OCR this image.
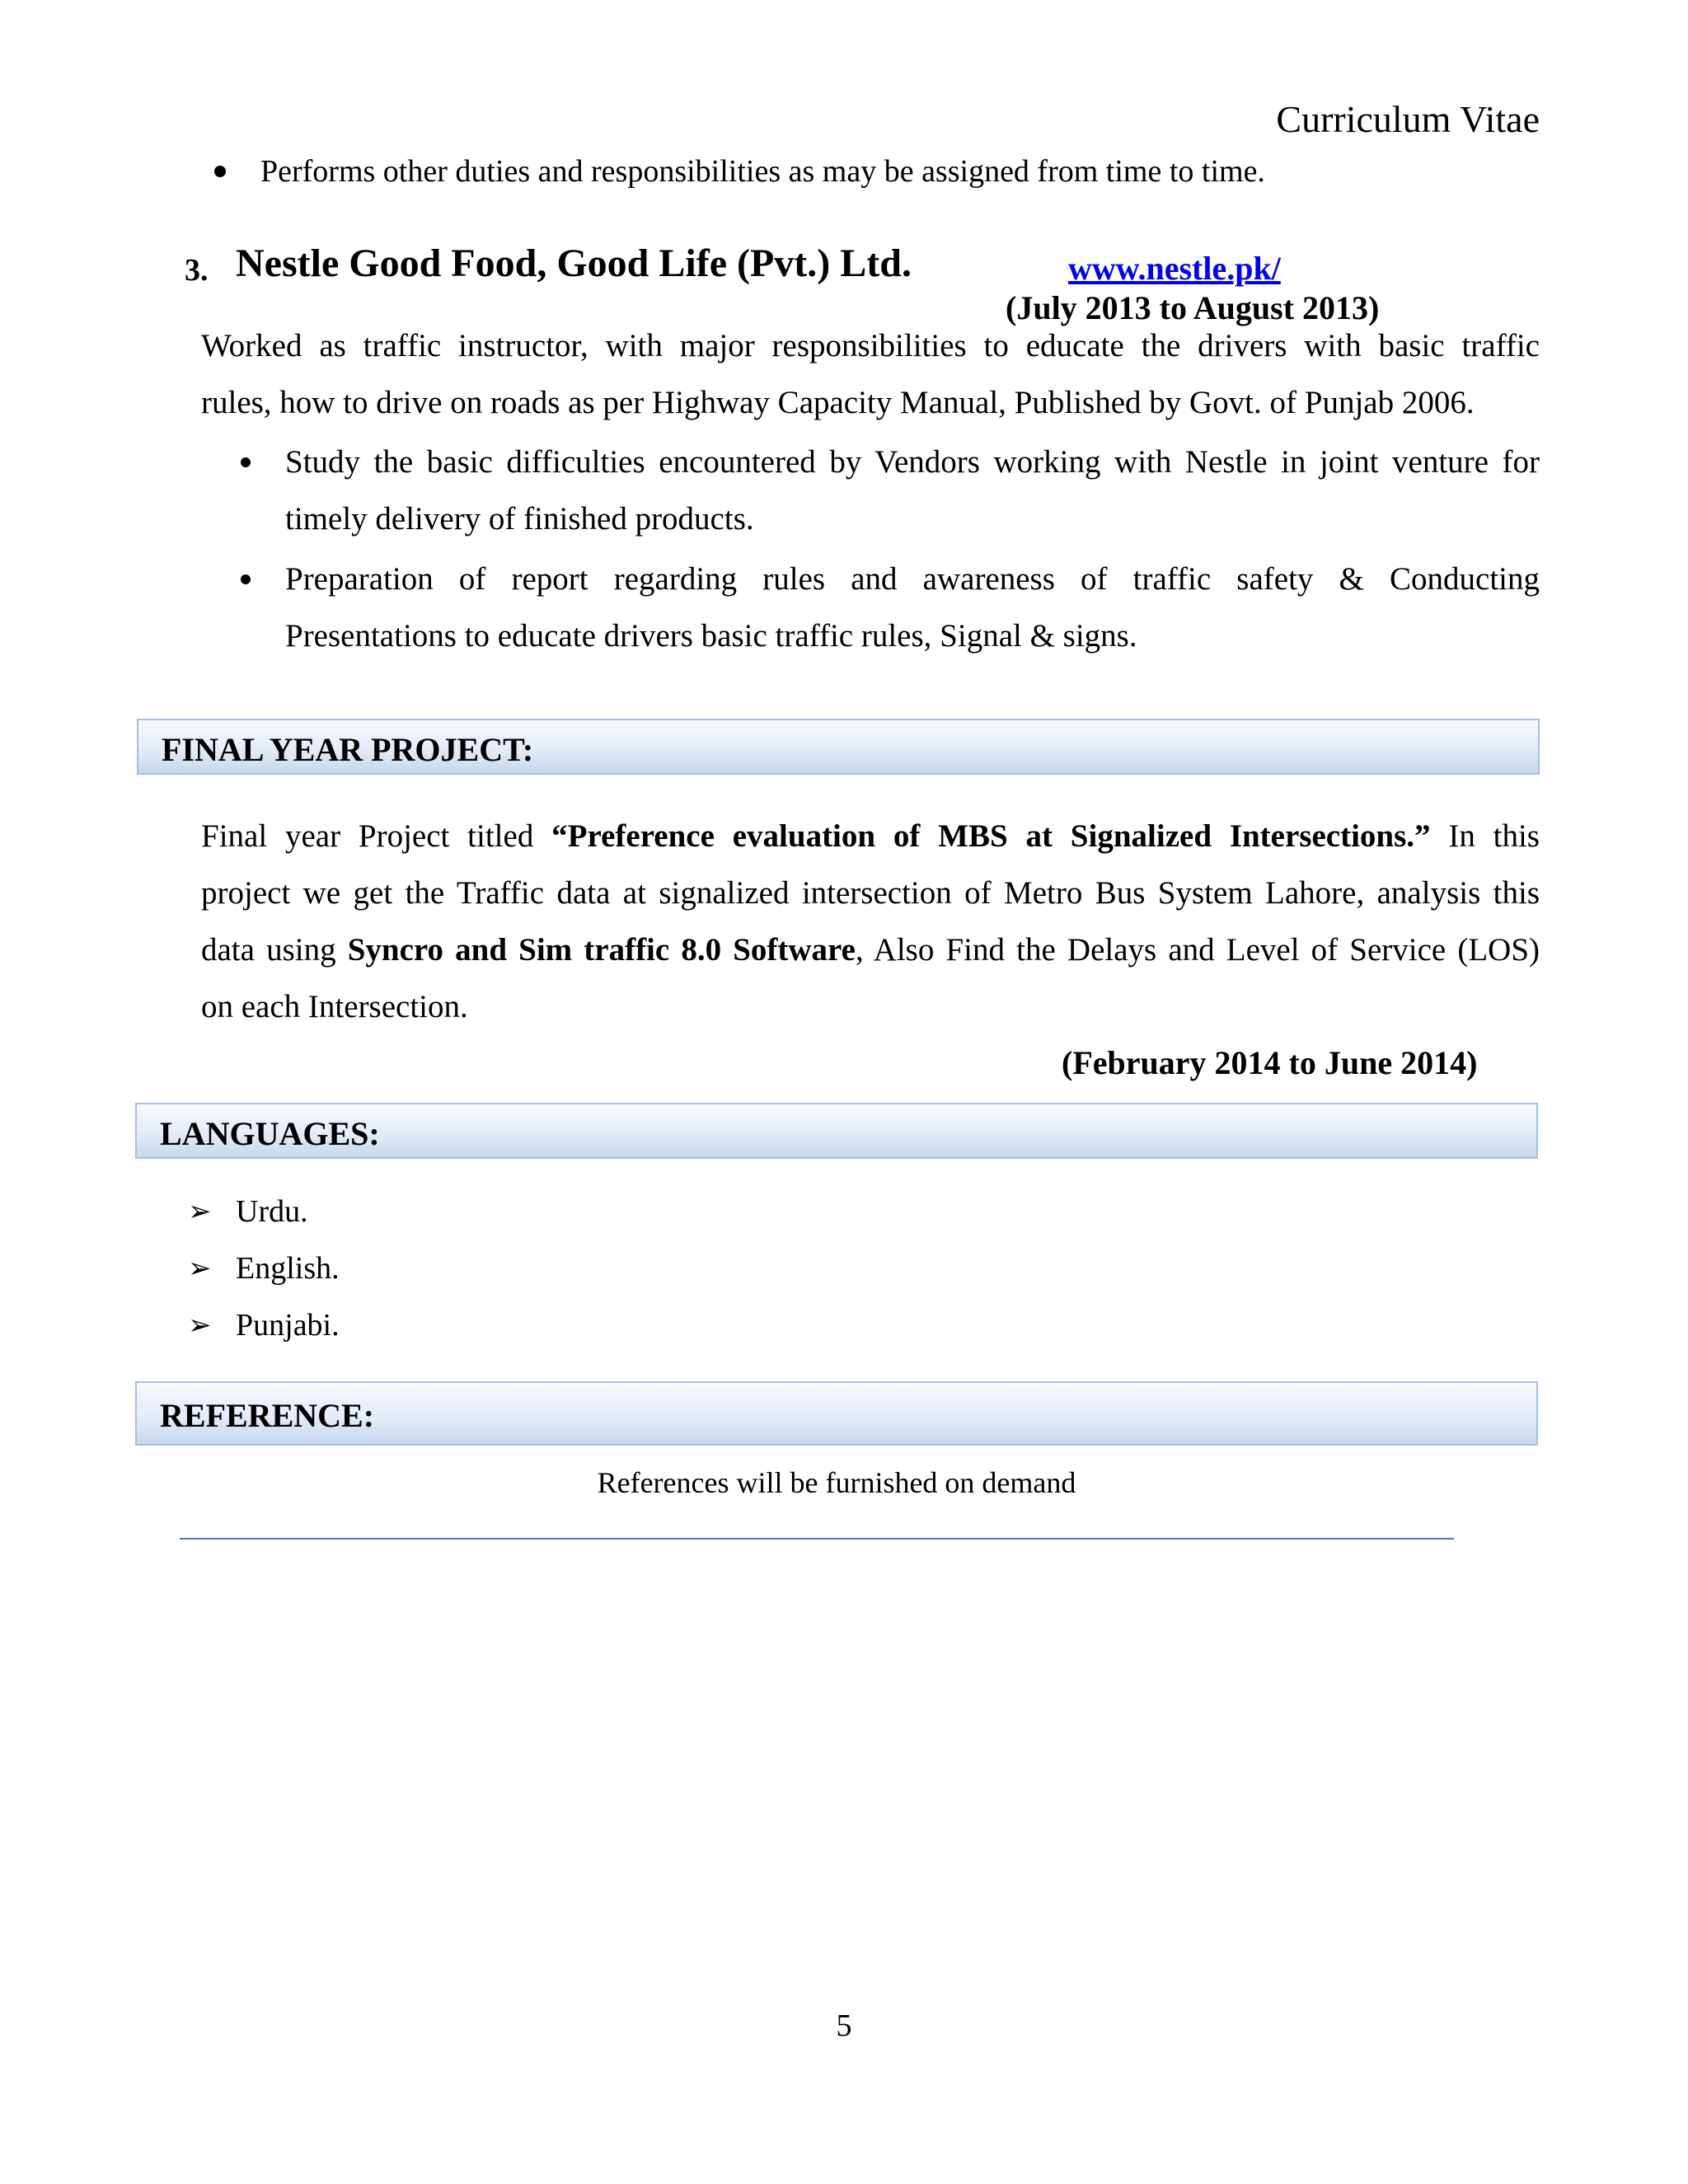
Curriculum Vitae
Performs other duties and responsibilities as may be assigned from time to time.
3. Nestle Good Food, Good Life (Pvt.) Ltd.	www.nestle.pk/
(July 2013 to August 2013)
Worked as traffic instructor, with major responsibilities to educate the drivers with basic traffic
rules, how to drive on roads as per Highway Capacity Manual, Published by Govt. of Punjab 2006.
Study the basic difficulties encountered by Vendors working with Nestle in joint venture for
timely delivery of finished products.
Preparation of report regarding rules and awareness of traffic safety & Conducting
Presentations to educate drivers basic traffic rules, Signal & signs.
FINAL YEAR PROJECT:
Final year Project titled “Preference evaluation of MBS at Signalized Intersections.” In this
project we get the Traffic data at signalized intersection of Metro Bus System Lahore, analysis this
data using Syncro and Sim traffic 8.0 Software, Also Find the Delays and Level of Service (LOS)
on each Intersection.
(February 2014 to June 2014)
LANGUAGES:
➢ Urdu.
➢ English.
➢ Punjabi.
REFERENCE:
References will be furnished on demand
5
